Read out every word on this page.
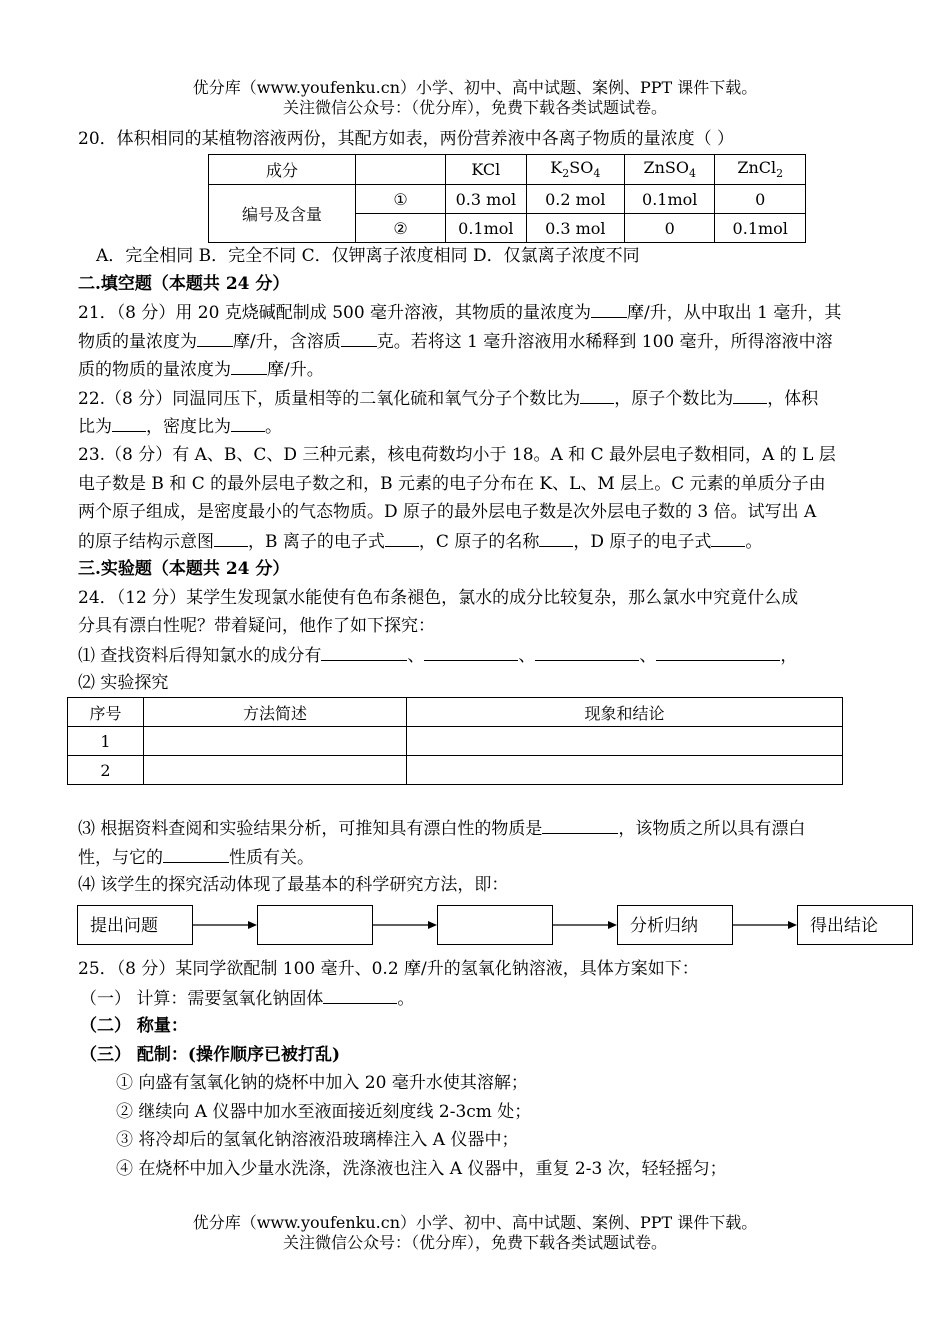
优分库（www.youfenku.cn）小学、初中、高中试题、案例、PPT 课件下载。
关注微信公众号：（优分库），免费下载各类试题试卷。
20．体积相同的某植物溶液两份，其配方如表，两份营养液中各离子物质的量浓度（ ）
成分		KCl	$K_2SO_4$	ZnSO$_4$	ZnCl$_2$
编号及含量	①	0.3 mol	0.2 mol	0.1mol	0
	②	0.1mol	0.3 mol	0	0.1mol
A．完全相同 B．完全不同 C．仅钾离子浓度相同 D．仅氯离子浓度不同
二.填空题（本题共 24 分）
21．（8 分）用 20 克烧碱配制成 500 毫升溶液，其物质的量浓度为 摩/升，从中取出 1 毫升，其
物质的量浓度为 摩/升，含溶质 克。若将这 1 毫升溶液用水稀释到 100 毫升，所得溶液中溶
质的物质的量浓度为 摩/升。
22.（8 分）同温同压下，质量相等的二氧化硫和氧气分子个数比为 ，原子个数比为 ，体积
比为 ，密度比为 。
23.（8 分）有 A、B、C、D 三种元素，核电荷数均小于 18。A 和 C 最外层电子数相同，A 的 L 层
电子数是 B 和 C 的最外层电子数之和，B 元素的电子分布在 K、L、M 层上。C 元素的单质分子由
两个原子组成，是密度最小的气态物质。D 原子的最外层电子数是次外层电子数的 3 倍。试写出 A
的原子结构示意图 ，B 离子的电子式 ，C 原子的名称 ，D 原子的电子式 。
三.实验题（本题共 24 分）
24．（12 分）某学生发现氯水能使有色布条褪色，氯水的成分比较复杂，那么氯水中究竟什么成
分具有漂白性呢？带着疑问，他作了如下探究：
⑴ 查找资料后得知氯水的成分有	、	、	、	，
⑵ 实验探究
序号	方法简述	现象和结论
1		
2		
⑶ 根据资料查阅和实验结果分析，可推知具有漂白性的物质是	，该物质之所以具有漂白
性，与它的	性质有关。
⑷ 该学生的探究活动体现了最基本的科学研究方法，即：
提出问题	分析归纳	得出结论
25．（8 分）某同学欲配制 100 毫升、0.2 摩/升的氢氧化钠溶液，具体方案如下：
（一） 计算：需要氢氧化钠固体	。
（二） 称量：
（三） 配制：(操作顺序已被打乱)
① 向盛有氢氧化钠的烧杯中加入 20 毫升水使其溶解；
② 继续向 A 仪器中加水至液面接近刻度线 2-3cm 处；
③ 将冷却后的氢氧化钠溶液沿玻璃棒注入 A 仪器中；
④ 在烧杯中加入少量水洗涤，洗涤液也注入 A 仪器中，重复 2-3 次，轻轻摇匀；
优分库（www.youfenku.cn）小学、初中、高中试题、案例、PPT 课件下载。
关注微信公众号：（优分库），免费下载各类试题试卷。
